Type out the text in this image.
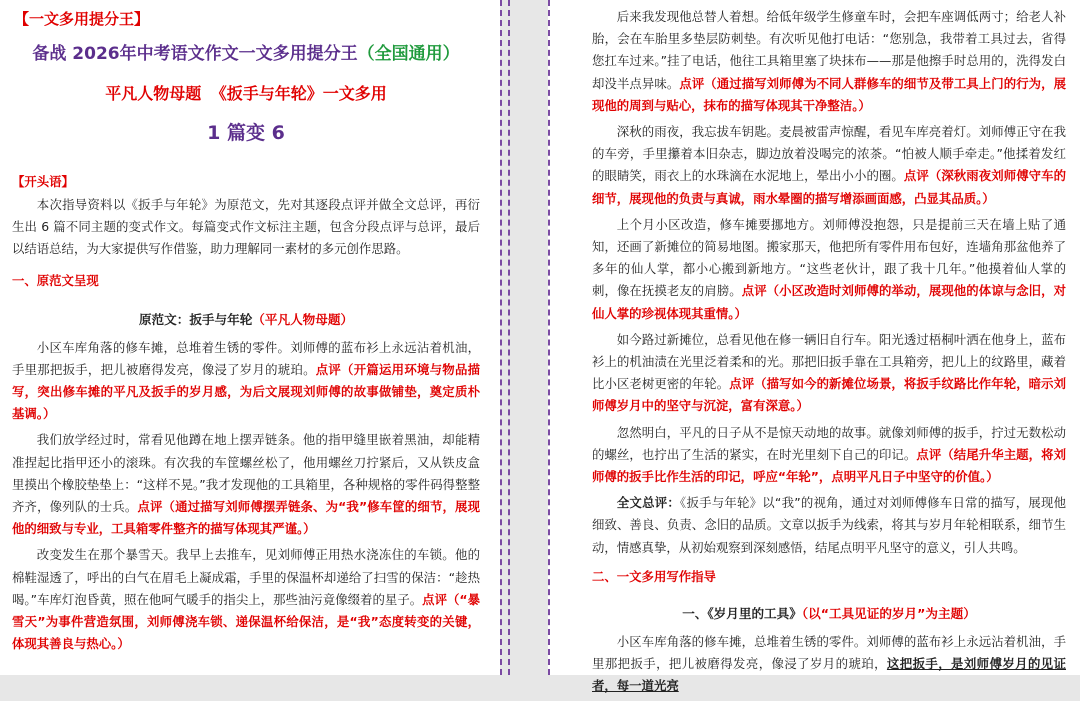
【一文多用提分王】
备战 2026年中考语文作文一文多用提分王（全国通用）
平凡人物母题 《扳手与年轮》一文多用
1 篇变 6
【开头语】

本次指导资料以《扳手与年轮》为原范文，先对其逐段点评并做全文总评，再衍生出 6 篇不同主题的变式作文。每篇变式作文标注主题，包含分段点评与总评，最后以结语总结，为大家提供写作借鉴，助力理解同一素材的多元创作思路。

一、原范文呈现
原范文：扳手与年轮（平凡人物母题）

小区车库角落的修车摊，总堆着生锈的零件。刘师傅的蓝布衫上永远沾着机油，手里那把扳手，把儿被磨得发亮，像浸了岁月的琥珀。点评（开篇运用环境与物品描写，突出修车摊的平凡及扳手的岁月感，为后文展现刘师傅的故事做铺垫，奠定质朴基调。）

我们放学经过时，常看见他蹲在地上摆弄链条。他的指甲缝里嵌着黑油，却能精准捏起比指甲还小的滚珠。有次我的车筐螺丝松了，他用螺丝刀拧紧后，又从铁皮盒里摸出个橡胶垫垫上：“这样不晃。”我才发现他的工具箱里，各种规格的零件码得整整齐齐，像列队的士兵。点评（通过描写刘师傅摆弄链条、为“我”修车筐的细节，展现他的细致与专业，工具箱零件整齐的描写体现其严谨。）

改变发生在那个暴雪天。我早上去推车，见刘师傅正用热水浇冻住的车锁。他的棉鞋湿透了，呼出的白气在眉毛上凝成霜，手里的保温杯却递给了扫雪的保洁：“趁热喝。”车库灯泡昏黄，照在他呵气暖手的指尖上，那些油污竟像缀着的星子。点评（“暴雪天”为事件营造氛围，刘师傅浇车锁、递保温杯给保洁，是“我”态度转变的关键，体现其善良与热心。）

后来我发现他总替人着想。给低年级学生修童车时，会把车座调低两寸；给老人补胎，会在车胎里多垫层防刺垫。有次听见他打电话：“您别急，我带着工具过去，省得您扛车过来。”挂了电话，他往工具箱里塞了块抹布——那是他擦手时总用的，洗得发白却没半点异味。点评（通过描写刘师傅为不同人群修车的细节及带工具上门的行为，展现他的周到与贴心，抹布的描写体现其干净整洁。）

深秋的雨夜，我忘拔车钥匙。麦晨被雷声惊醒，看见车库亮着灯。刘师傅正守在我的车旁，手里攥着本旧杂志，脚边放着没喝完的浓茶。“怕被人顺手牵走。”他揉着发红的眼睛笑，雨衣上的水珠滴在水泥地上，晕出小小的圈。点评（深秋雨夜刘师傅守车的细节，展现他的负责与真诚，雨水晕圈的描写增添画面感，凸显其品质。）

上个月小区改造，修车摊要挪地方。刘师傅没抱怨，只是提前三天在墙上贴了通知，还画了新摊位的简易地图。搬家那天，他把所有零件用布包好，连墙角那盆他养了多年的仙人掌，都小心搬到新地方。“这些老伙计，跟了我十几年。”他摸着仙人掌的刺，像在抚摸老友的肩膀。点评（小区改造时刘师傅的举动，展现他的体谅与念旧，对仙人掌的珍视体现其重情。）

如今路过新摊位，总看见他在修一辆旧自行车。阳光透过梧桐叶洒在他身上，蓝布衫上的机油渍在光里泛着柔和的光。那把旧扳手靠在工具箱旁，把儿上的纹路里，藏着比小区老树更密的年轮。点评（描写如今的新摊位场景，将扳手纹路比作年轮，暗示刘师傅岁月中的坚守与沉淀，富有深意。）

忽然明白，平凡的日子从不是惊天动地的故事。就像刘师傅的扳手，拧过无数松动的螺丝，也拧出了生活的紧实，在时光里刻下自己的印记。点评（结尾升华主题，将刘师傅的扳手比作生活的印记，呼应“年轮”，点明平凡日子中坚守的价值。）

全文总评：《扳手与年轮》以“我”的视角，通过对刘师傅修车日常的描写，展现他细致、善良、负责、念旧的品质。文章以扳手为线索，将其与岁月年轮相联系，细节生动，情感真挚，从初始观察到深刻感悟，结尾点明平凡坚守的意义，引人共鸣。

二、一文多用写作指导
一、《岁月里的工具》（以“工具见证的岁月”为主题）

小区车库角落的修车摊，总堆着生锈的零件。刘师傅的蓝布衫上永远沾着机油，手里那把扳手，把儿被磨得发亮，像浸了岁月的琥珀，这把扳手，是刘师傅岁月的见证者，每一道光亮
